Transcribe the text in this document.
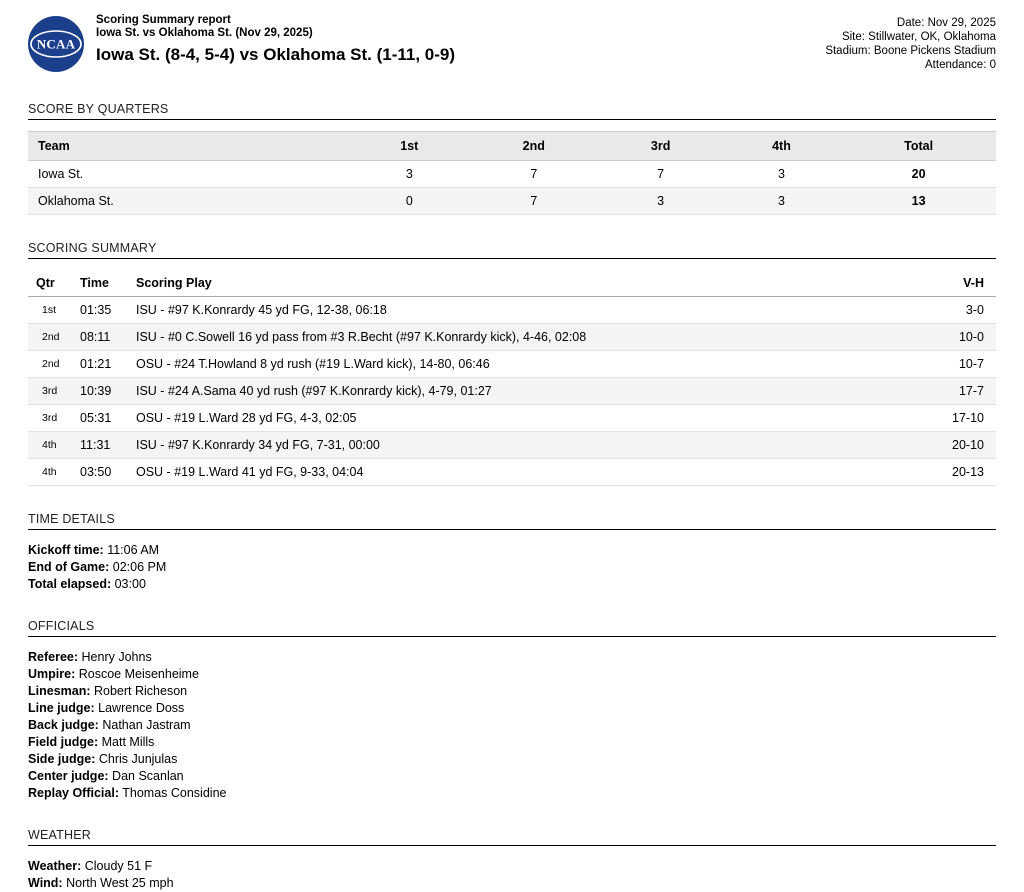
NCAA

Scoring Summary report

Iowa St. vs Oklahoma St. (Nov 29, 2025)

Iowa St. (8-4, 5-4) vs Oklahoma St. (1-11, 0-9)

Date: Nov 29, 2025
Site: Stillwater, OK, Oklahoma
Stadium: Boone Pickens Stadium
Attendance: 0
SCORE BY QUARTERS
Team	1st	2nd	3rd	4th	Total
Iowa St.	3	7	7	3	20
Oklahoma St.	0	7	3	3	13
SCORING SUMMARY
Qtr	Time	Scoring Play	V-H
1st	01:35	ISU - #97 K.Konrardy 45 yd FG, 12-38, 06:18	3-0
2nd	08:11	ISU - #0 C.Sowell 16 yd pass from #3 R.Becht (#97 K.Konrardy kick), 4-46, 02:08	10-0
2nd	01:21	OSU - #24 T.Howland 8 yd rush (#19 L.Ward kick), 14-80, 06:46	10-7
3rd	10:39	ISU - #24 A.Sama 40 yd rush (#97 K.Konrardy kick), 4-79, 01:27	17-7
3rd	05:31	OSU - #19 L.Ward 28 yd FG, 4-3, 02:05	17-10
4th	11:31	ISU - #97 K.Konrardy 34 yd FG, 7-31, 00:00	20-10
4th	03:50	OSU - #19 L.Ward 41 yd FG, 9-33, 04:04	20-13
TIME DETAILS
Kickoff time: 11:06 AM
End of Game: 02:06 PM
Total elapsed: 03:00
OFFICIALS
Referee: Henry Johns
Umpire: Roscoe Meisenheime
Linesman: Robert Richeson
Line judge: Lawrence Doss
Back judge: Nathan Jastram
Field judge: Matt Mills
Side judge: Chris Junjulas
Center judge: Dan Scanlan
Replay Official: Thomas Considine
WEATHER
Weather: Cloudy 51 F
Wind: North West 25 mph
